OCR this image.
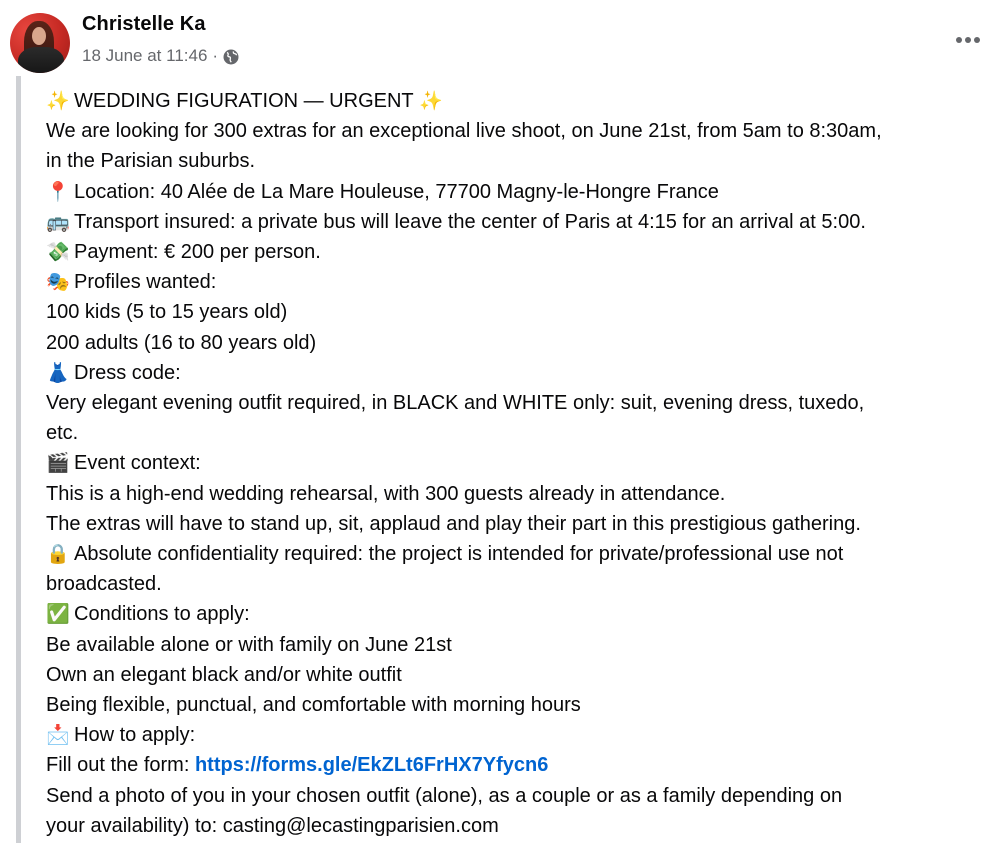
Christelle Ka
18 June at 11:46 ·
✨ WEDDING FIGURATION — URGENT ✨
We are looking for 300 extras for an exceptional live shoot, on June 21st, from 5am to 8:30am,
in the Parisian suburbs.
📍 Location: 40 Alée de La Mare Houleuse, 77700 Magny-le-Hongre France
🚌 Transport insured: a private bus will leave the center of Paris at 4:15 for an arrival at 5:00.
💸 Payment: € 200 per person.
🎭 Profiles wanted:
100 kids (5 to 15 years old)
200 adults (16 to 80 years old)
👗 Dress code:
Very elegant evening outfit required, in BLACK and WHITE only: suit, evening dress, tuxedo,
etc.
🎬 Event context:
This is a high-end wedding rehearsal, with 300 guests already in attendance.
The extras will have to stand up, sit, applaud and play their part in this prestigious gathering.
🔒 Absolute confidentiality required: the project is intended for private/professional use not
broadcasted.
✅ Conditions to apply:
Be available alone or with family on June 21st
Own an elegant black and/or white outfit
Being flexible, punctual, and comfortable with morning hours
📩 How to apply:
Fill out the form: https://forms.gle/EkZLt6FrHX7Yfycn6
Send a photo of you in your chosen outfit (alone), as a couple or as a family depending on
your availability) to: casting@lecastingparisien.com
